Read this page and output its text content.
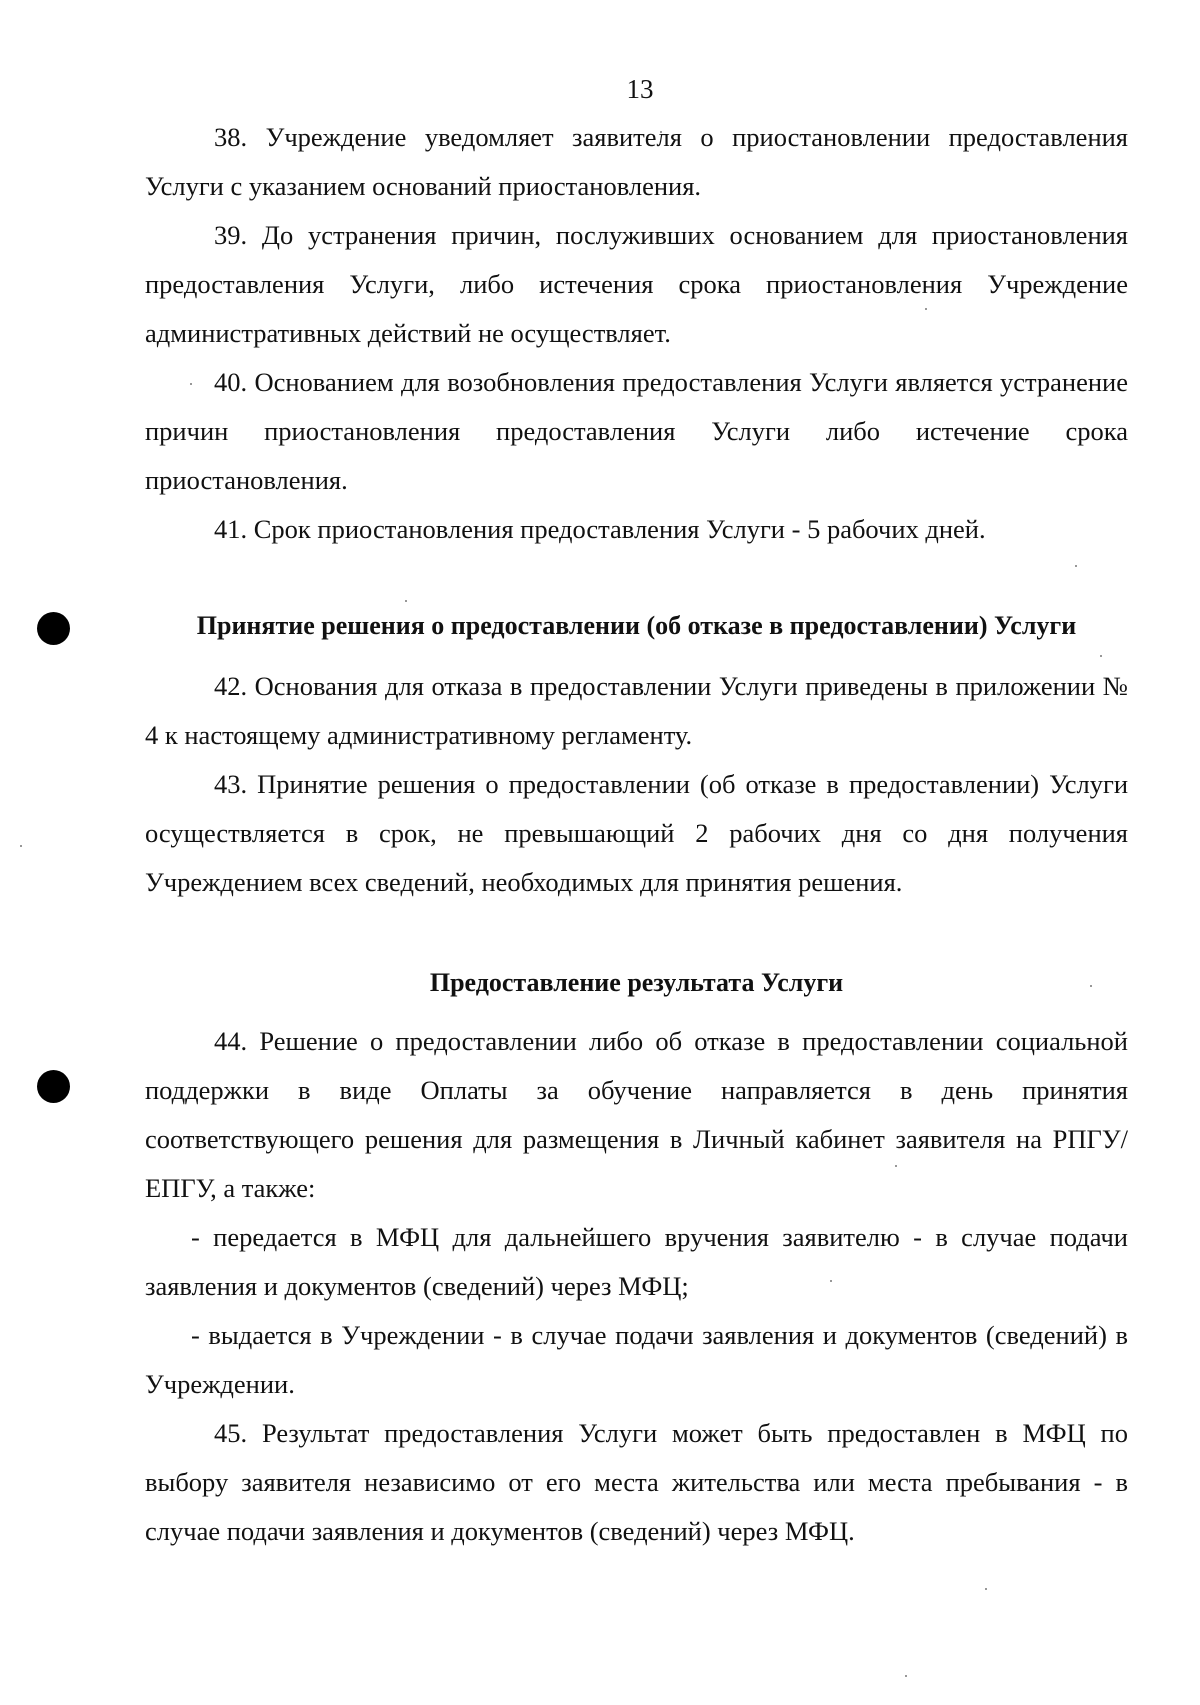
13

38. Учреждение уведомляет заявителя о приостановлении предоставления Услуги с указанием оснований приостановления.

39. До устранения причин, послуживших основанием для приостановления предоставления Услуги, либо истечения срока приостановления Учреждение административных действий не осуществляет.

40. Основанием для возобновления предоставления Услуги является устранение причин приостановления предоставления Услуги либо истечение срока приостановления.

41. Срок приостановления предоставления Услуги - 5 рабочих дней.

Принятие решения о предоставлении (об отказе в предоставлении) Услуги

42. Основания для отказа в предоставлении Услуги приведены в приложении № 4 к настоящему административному регламенту.

43. Принятие решения о предоставлении (об отказе в предоставлении) Услуги осуществляется в срок, не превышающий 2 рабочих дня со дня получения Учреждением всех сведений, необходимых для принятия решения.

Предоставление результата Услуги

44. Решение о предоставлении либо об отказе в предоставлении социальной поддержки в виде Оплаты за обучение направляется в день принятия соответствующего решения для размещения в Личный кабинет заявителя на РПГУ/ЕПГУ, а также:

- передается в МФЦ для дальнейшего вручения заявителю - в случае подачи заявления и документов (сведений) через МФЦ;

- выдается в Учреждении - в случае подачи заявления и документов (сведений) в Учреждении.

45. Результат предоставления Услуги может быть предоставлен в МФЦ по выбору заявителя независимо от его места жительства или места пребывания - в случае подачи заявления и документов (сведений) через МФЦ.
